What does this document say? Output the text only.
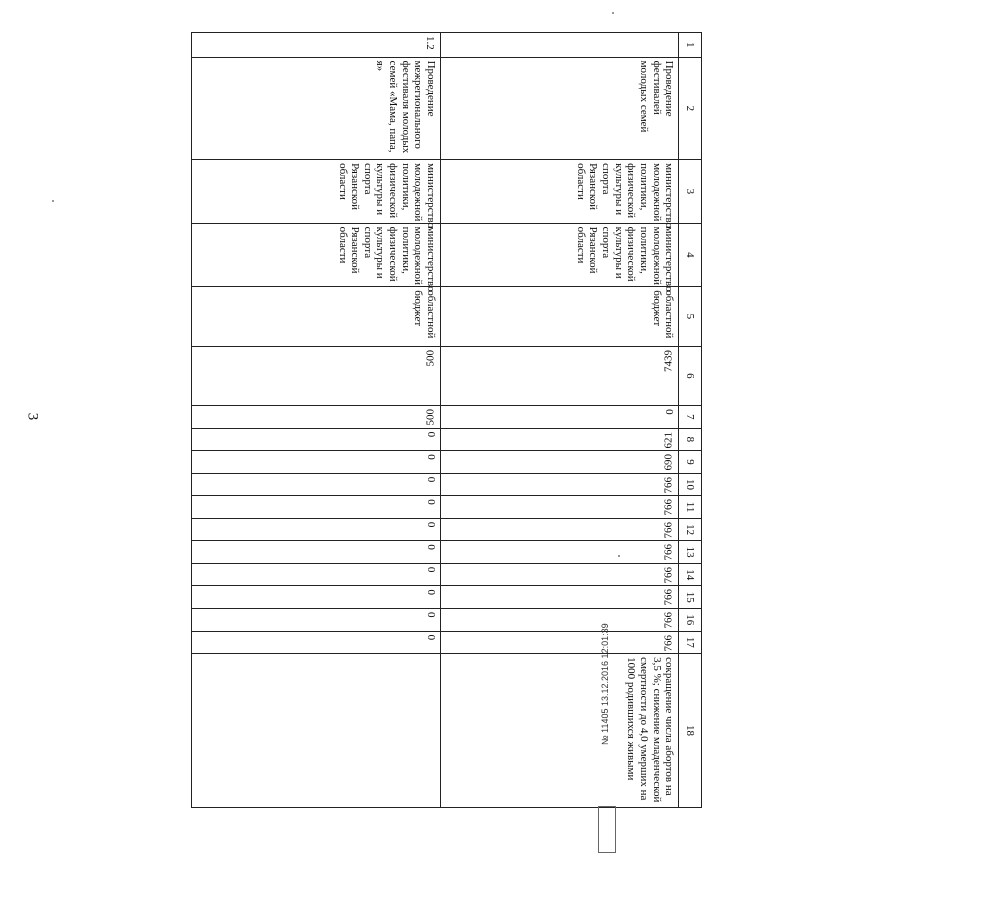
3
1	2	3	4	5	6	7	8	9	10	11	12	13	14	15	16	17	18
	Проведение фестивалей молодых семей	министерство молодежной политики, физической культуры и спорта Рязанской области	министерство молодежной политики, физической культуры и спорта Рязанской области	областной бюджет	7439	0	621	690	766	766	766	766	766	766	766	766	сокращение числа абортов на 3,5 %; снижение младенческой смертности до 4,0 умерших на 1000 родившихся живыми
1.2	Проведение межрегионального фестиваля молодых семей «Мама, папа, я»	министерство молодежной политики, физической культуры и спорта Рязанской области	министерство молодежной политики, физической культуры и спорта Рязанской области	областной бюджет	500	500	0	0	0	0	0	0	0	0	0	0		№ 11405 13.12.2016 12:01:39
